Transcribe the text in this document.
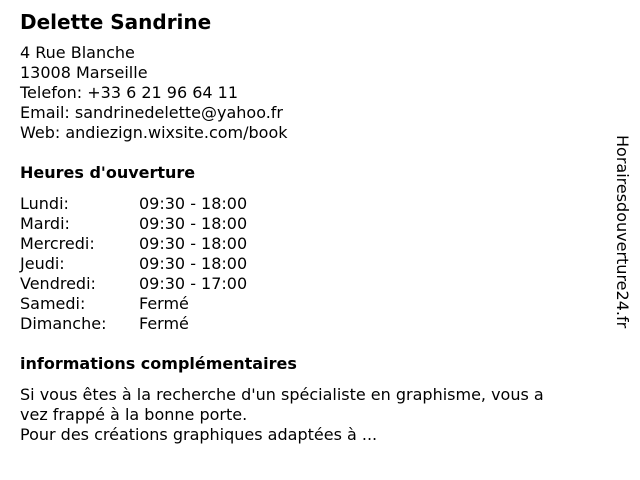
Delette Sandrine
4 Rue Blanche
13008 Marseille
Telefon: +33 6 21 96 64 11
Email: sandrinedelette@yahoo.fr
Web: andiezign.wixsite.com/book
Heures d'ouverture
Lundi:	09:30 - 18:00
Mardi:	09:30 - 18:00
Mercredi:	09:30 - 18:00
Jeudi:	09:30 - 18:00
Vendredi:	09:30 - 17:00
Samedi:	Fermé
Dimanche: Fermé
informations complémentaires
Si vous êtes à la recherche d'un spécialiste en graphisme, vous a
vez frappé à la bonne porte.
Pour des créations graphiques adaptées à ...
Horairesdouverture24.fr
